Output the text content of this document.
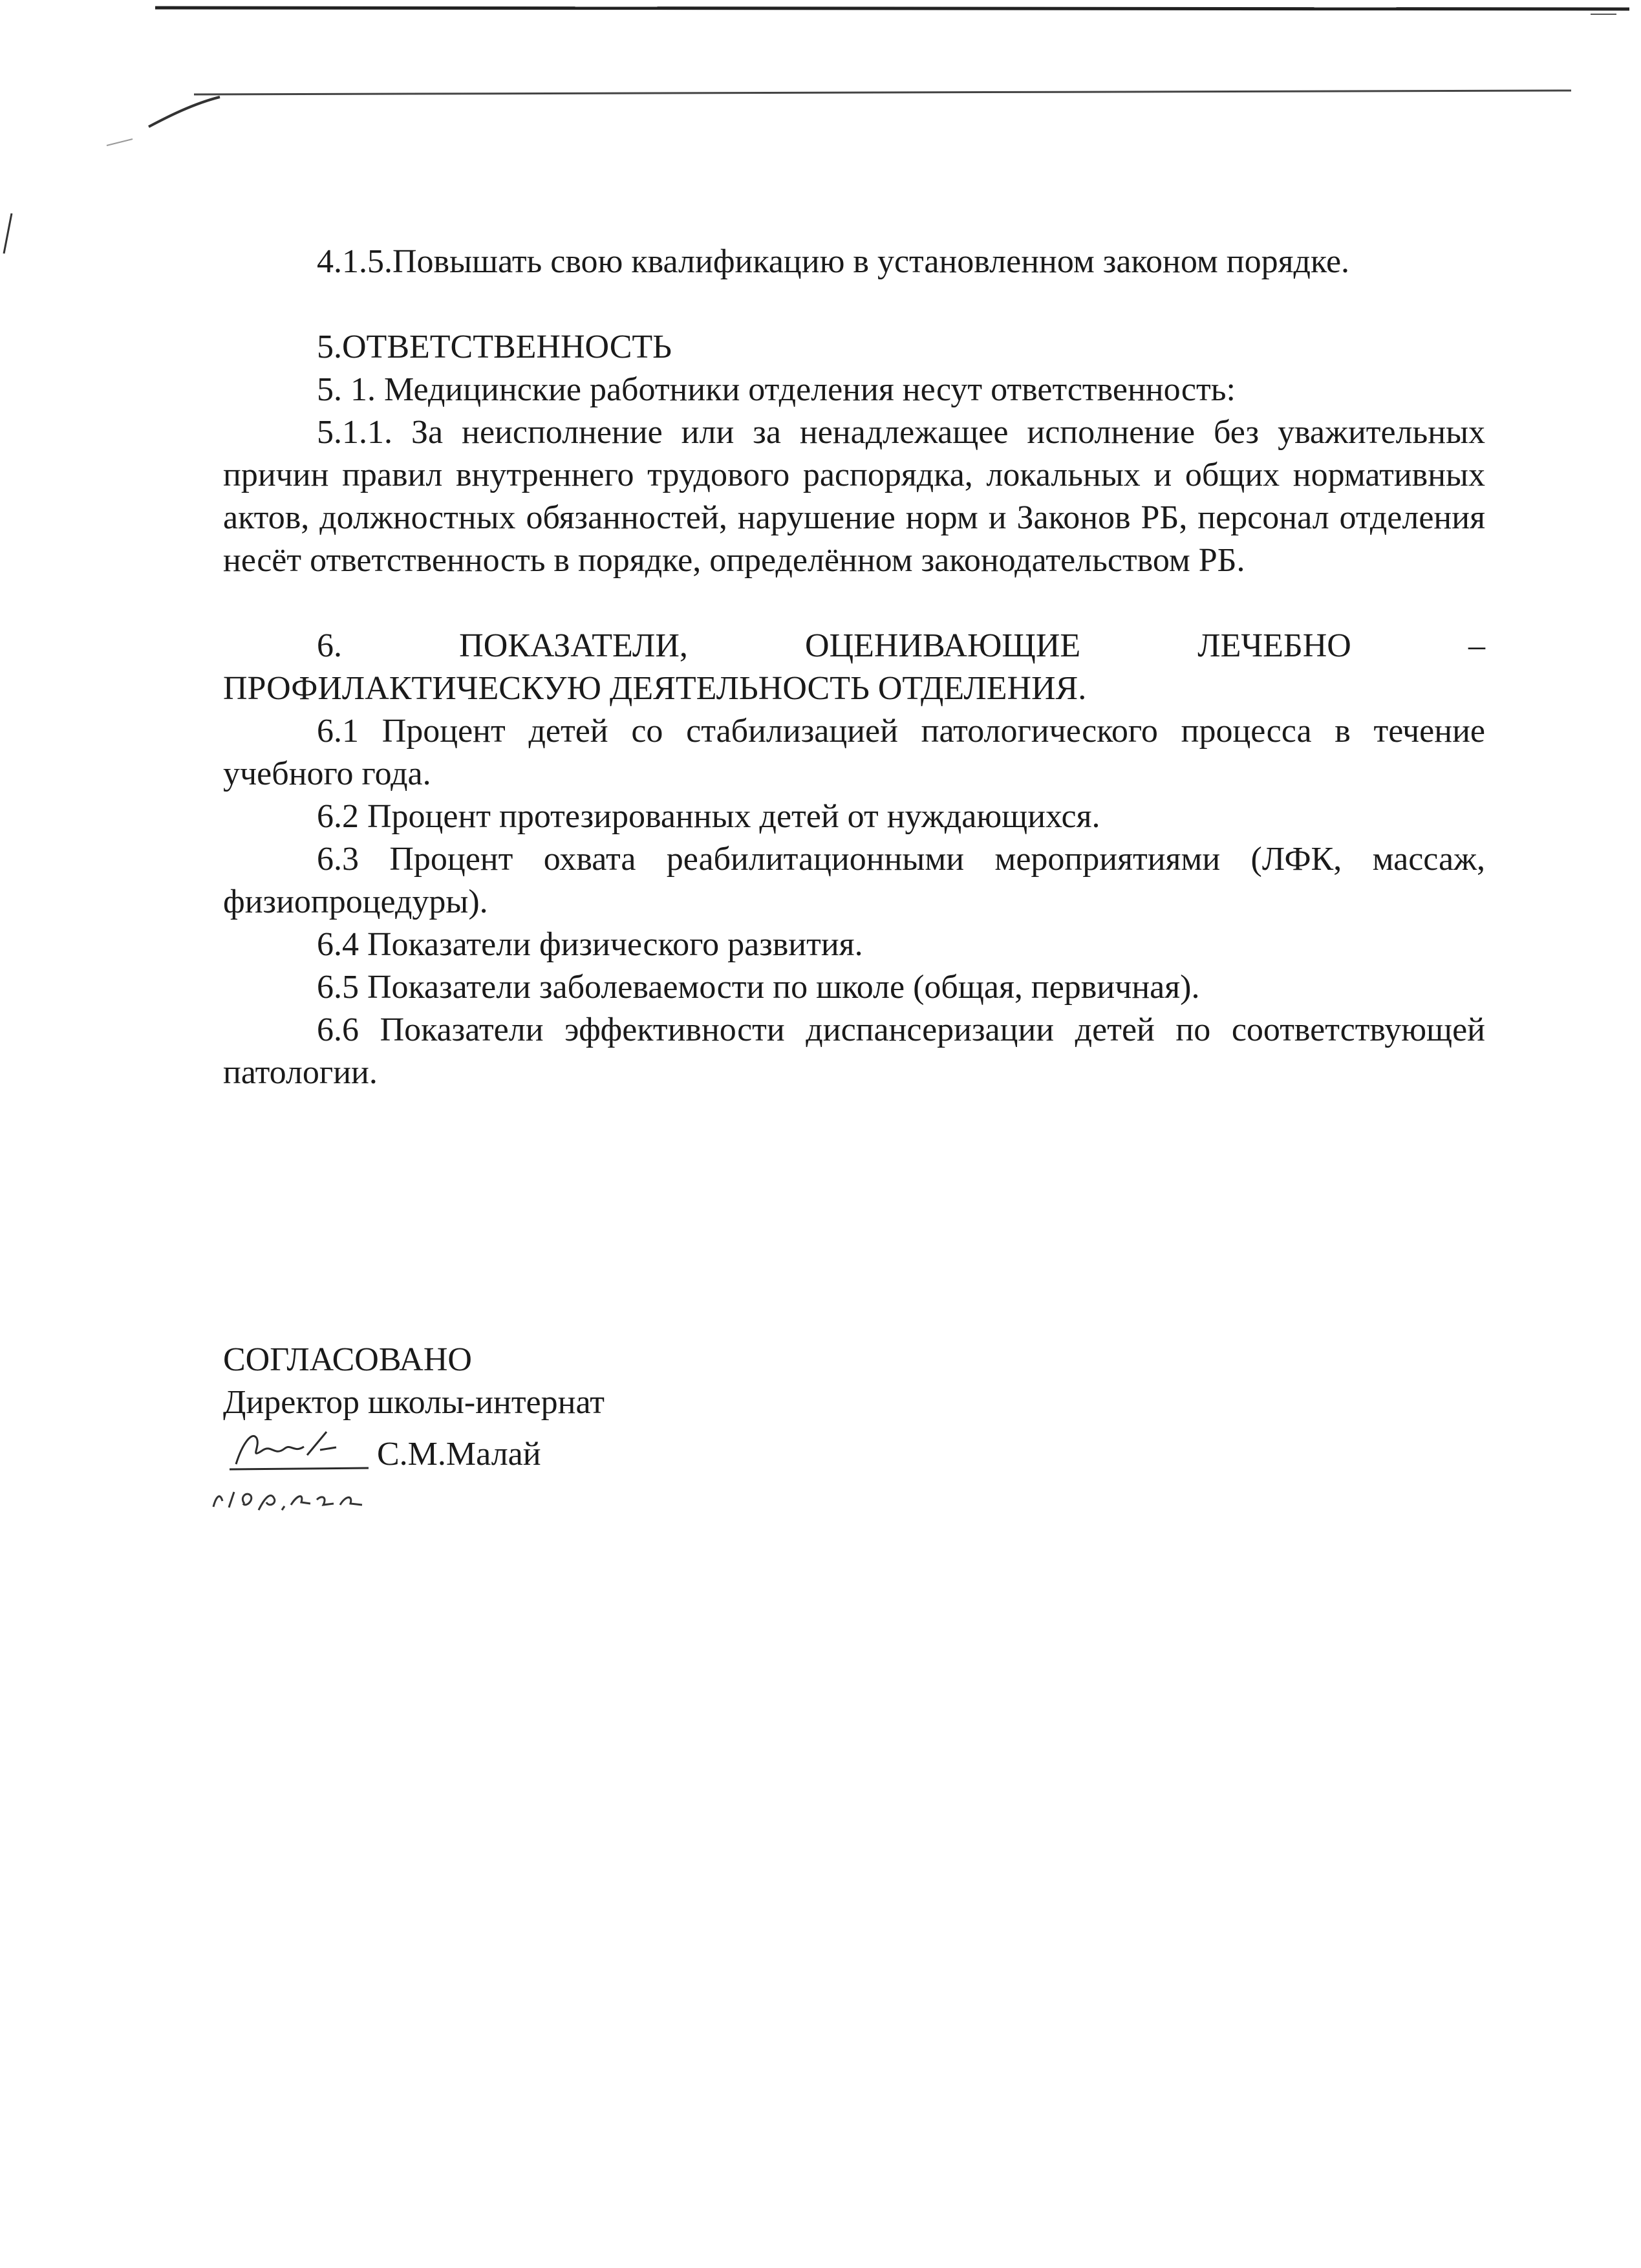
4.1.5.Повышать свою квалификацию в установленном законом порядке.

5.ОТВЕТСТВЕННОСТЬ

5. 1. Медицинские работники отделения несут ответственность:

5.1.1. За неисполнение или за ненадлежащее исполнение без уважительных причин правил внутреннего трудового распорядка, локальных и общих нормативных актов, должностных обязанностей, нарушение норм и Законов РБ, персонал отделения несёт ответственность в порядке, определённом законодательством РБ.

6. ПОКАЗАТЕЛИ, ОЦЕНИВАЮЩИЕ ЛЕЧЕБНО –

ПРОФИЛАКТИЧЕСКУЮ ДЕЯТЕЛЬНОСТЬ ОТДЕЛЕНИЯ.

6.1 Процент детей со стабилизацией патологического процесса в течение учебного года.

6.2 Процент протезированных детей от нуждающихся.

6.3 Процент охвата реабилитационными мероприятиями (ЛФК, массаж, физиопроцедуры).

6.4 Показатели физического развития.

6.5 Показатели заболеваемости по школе (общая, первичная).

6.6 Показатели эффективности диспансеризации детей по соответствующей патологии.

СОГЛАСОВАНО

Директор школы-интернат

С.М.Малай
